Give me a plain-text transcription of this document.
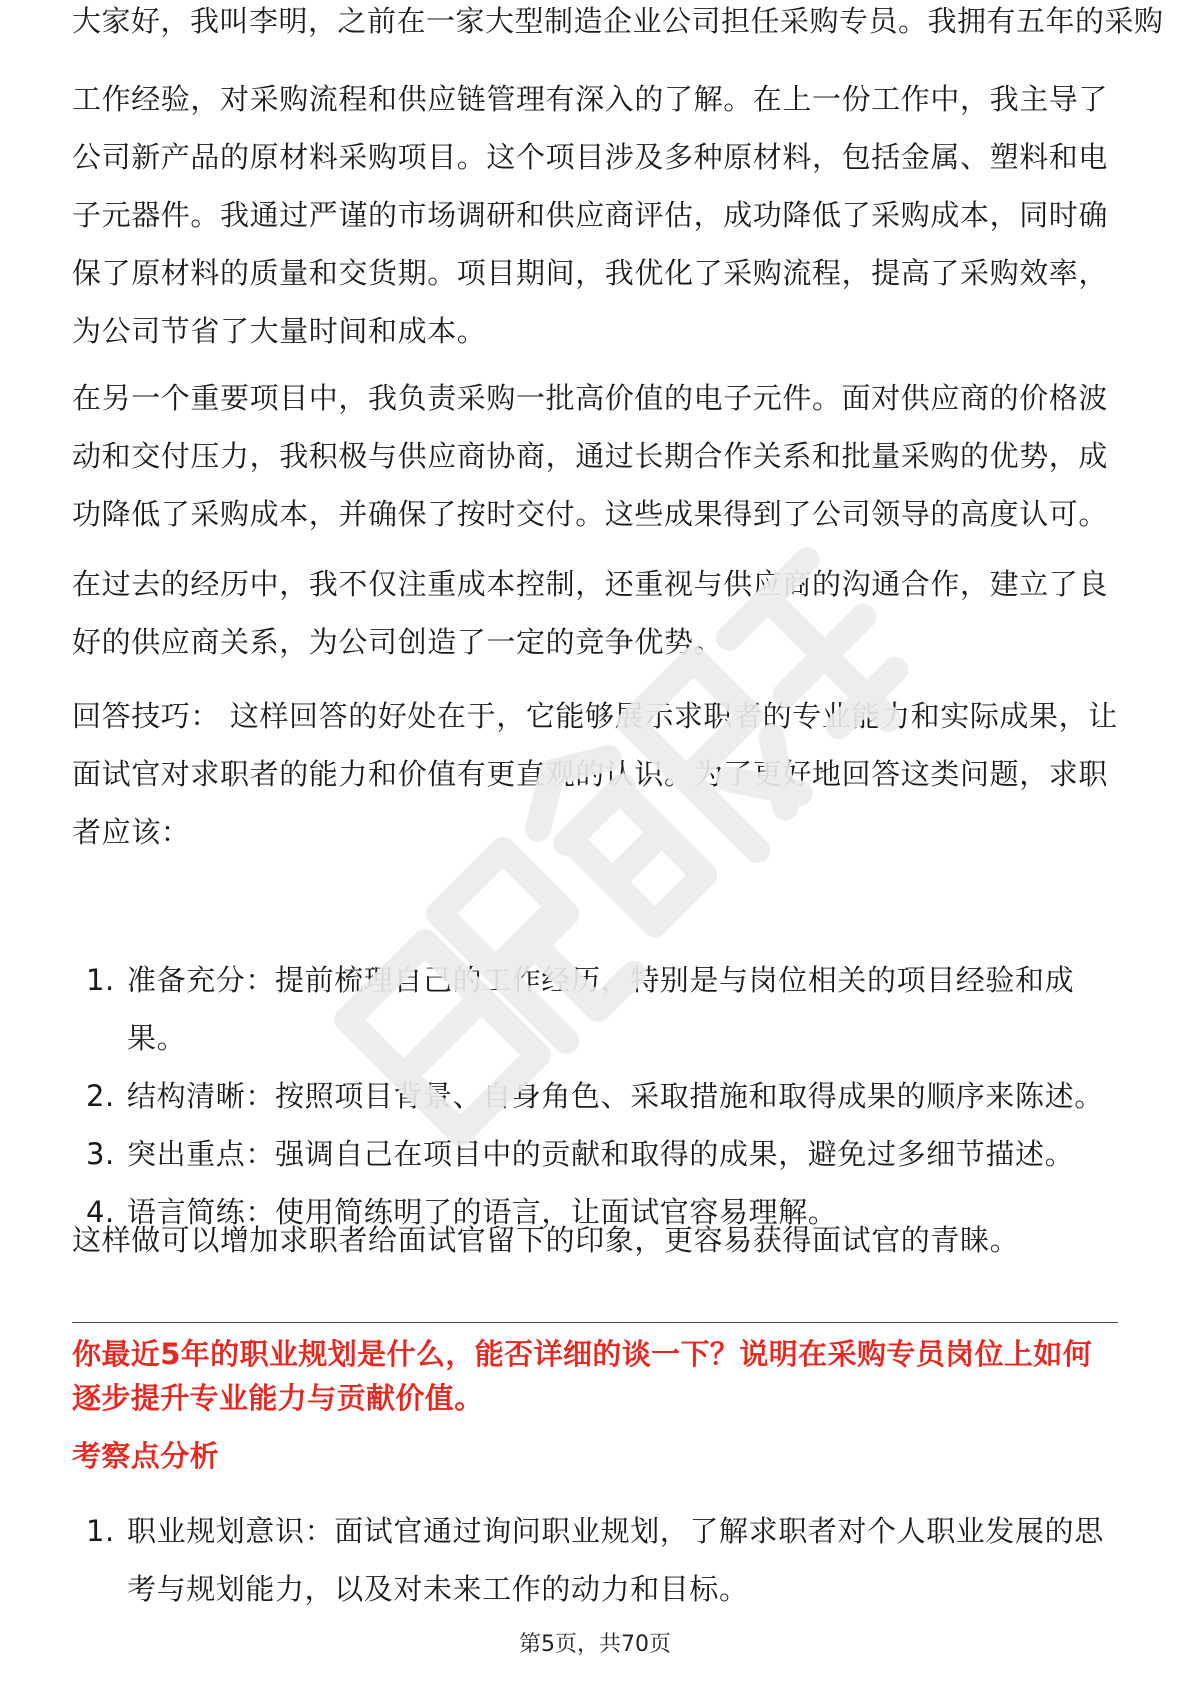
大家好，我叫李明，之前在一家大型制造企业公司担任采购专员。我拥有五年的采购

工作经验，对采购流程和供应链管理有深入的了解。在上一份工作中，我主导了公司新产品的原材料采购项目。这个项目涉及多种原材料，包括金属、塑料和电子元器件。我通过严谨的市场调研和供应商评估，成功降低了采购成本，同时确保了原材料的质量和交货期。项目期间，我优化了采购流程，提高了采购效率，为公司节省了大量时间和成本。

在另一个重要项目中，我负责采购一批高价值的电子元件。面对供应商的价格波动和交付压力，我积极与供应商协商，通过长期合作关系和批量采购的优势，成功降低了采购成本，并确保了按时交付。这些成果得到了公司领导的高度认可。

在过去的经历中，我不仅注重成本控制，还重视与供应商的沟通合作，建立了良好的供应商关系，为公司创造了一定的竞争优势。

回答技巧： 这样回答的好处在于，它能够展示求职者的专业能力和实际成果，让面试官对求职者的能力和价值有更直观的认识。为了更好地回答这类问题，求职者应该：

1. 准备充分：提前梳理自己的工作经历，特别是与岗位相关的项目经验和成果。
2. 结构清晰：按照项目背景、自身角色、采取措施和取得成果的顺序来陈述。
3. 突出重点：强调自己在项目中的贡献和取得的成果，避免过多细节描述。
4. 语言简练：使用简练明了的语言，让面试官容易理解。

这样做可以增加求职者给面试官留下的印象，更容易获得面试官的青睐。

你最近5年的职业规划是什么，能否详细的谈一下？说明在采购专员岗位上如何逐步提升专业能力与贡献价值。
考察点分析
1. 职业规划意识：面试官通过询问职业规划，了解求职者对个人职业发展的思考与规划能力，以及对未来工作的动力和目标。
第5页，共70页
